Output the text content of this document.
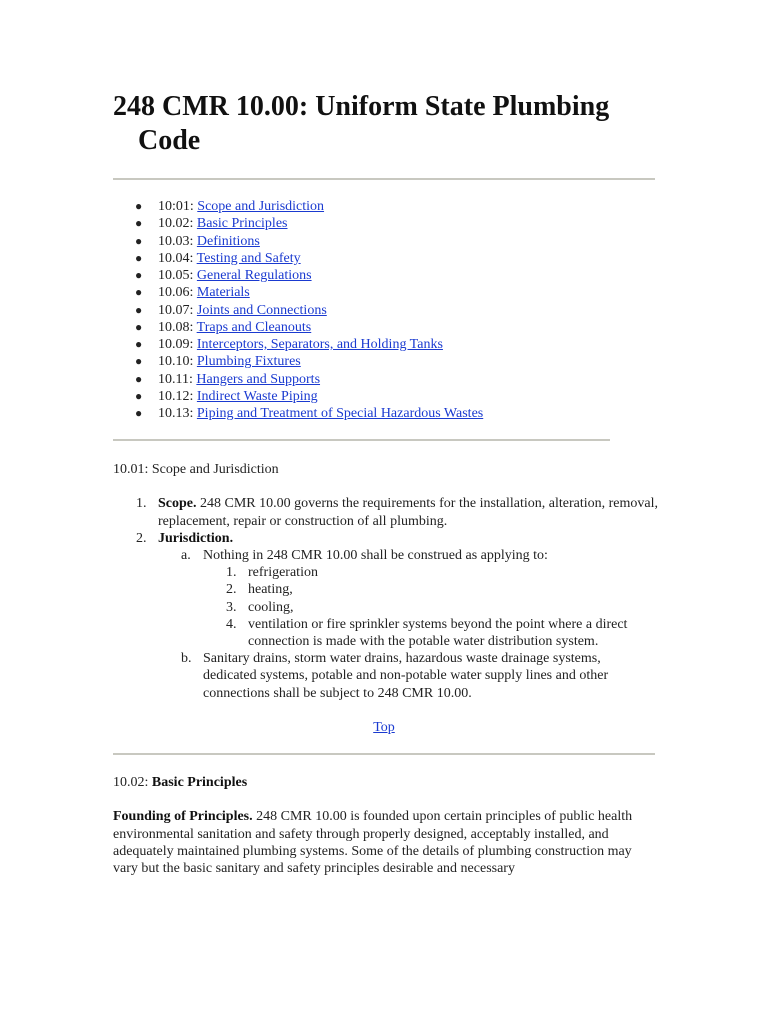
248 CMR 10.00: Uniform State Plumbing Code
● 10:01: Scope and Jurisdiction
● 10.02: Basic Principles
● 10.03: Definitions
● 10.04: Testing and Safety
● 10.05: General Regulations
● 10.06: Materials
● 10.07: Joints and Connections
● 10.08: Traps and Cleanouts
● 10.09: Interceptors, Separators, and Holding Tanks
● 10.10: Plumbing Fixtures
● 10.11: Hangers and Supports
● 10.12: Indirect Waste Piping
● 10.13: Piping and Treatment of Special Hazardous Wastes
10.01: Scope and Jurisdiction
1. Scope. 248 CMR 10.00 governs the requirements for the installation, alteration, removal, replacement, repair or construction of all plumbing.
2. Jurisdiction.
a. Nothing in 248 CMR 10.00 shall be construed as applying to:
1. refrigeration
2. heating,
3. cooling,
4. ventilation or fire sprinkler systems beyond the point where a direct connection is made with the potable water distribution system.
b. Sanitary drains, storm water drains, hazardous waste drainage systems, dedicated systems, potable and non-potable water supply lines and other connections shall be subject to 248 CMR 10.00.
Top
10.02: Basic Principles
Founding of Principles. 248 CMR 10.00 is founded upon certain principles of public health environmental sanitation and safety through properly designed, acceptably installed, and adequately maintained plumbing systems. Some of the details of plumbing construction may vary but the basic sanitary and safety principles desirable and necessary
